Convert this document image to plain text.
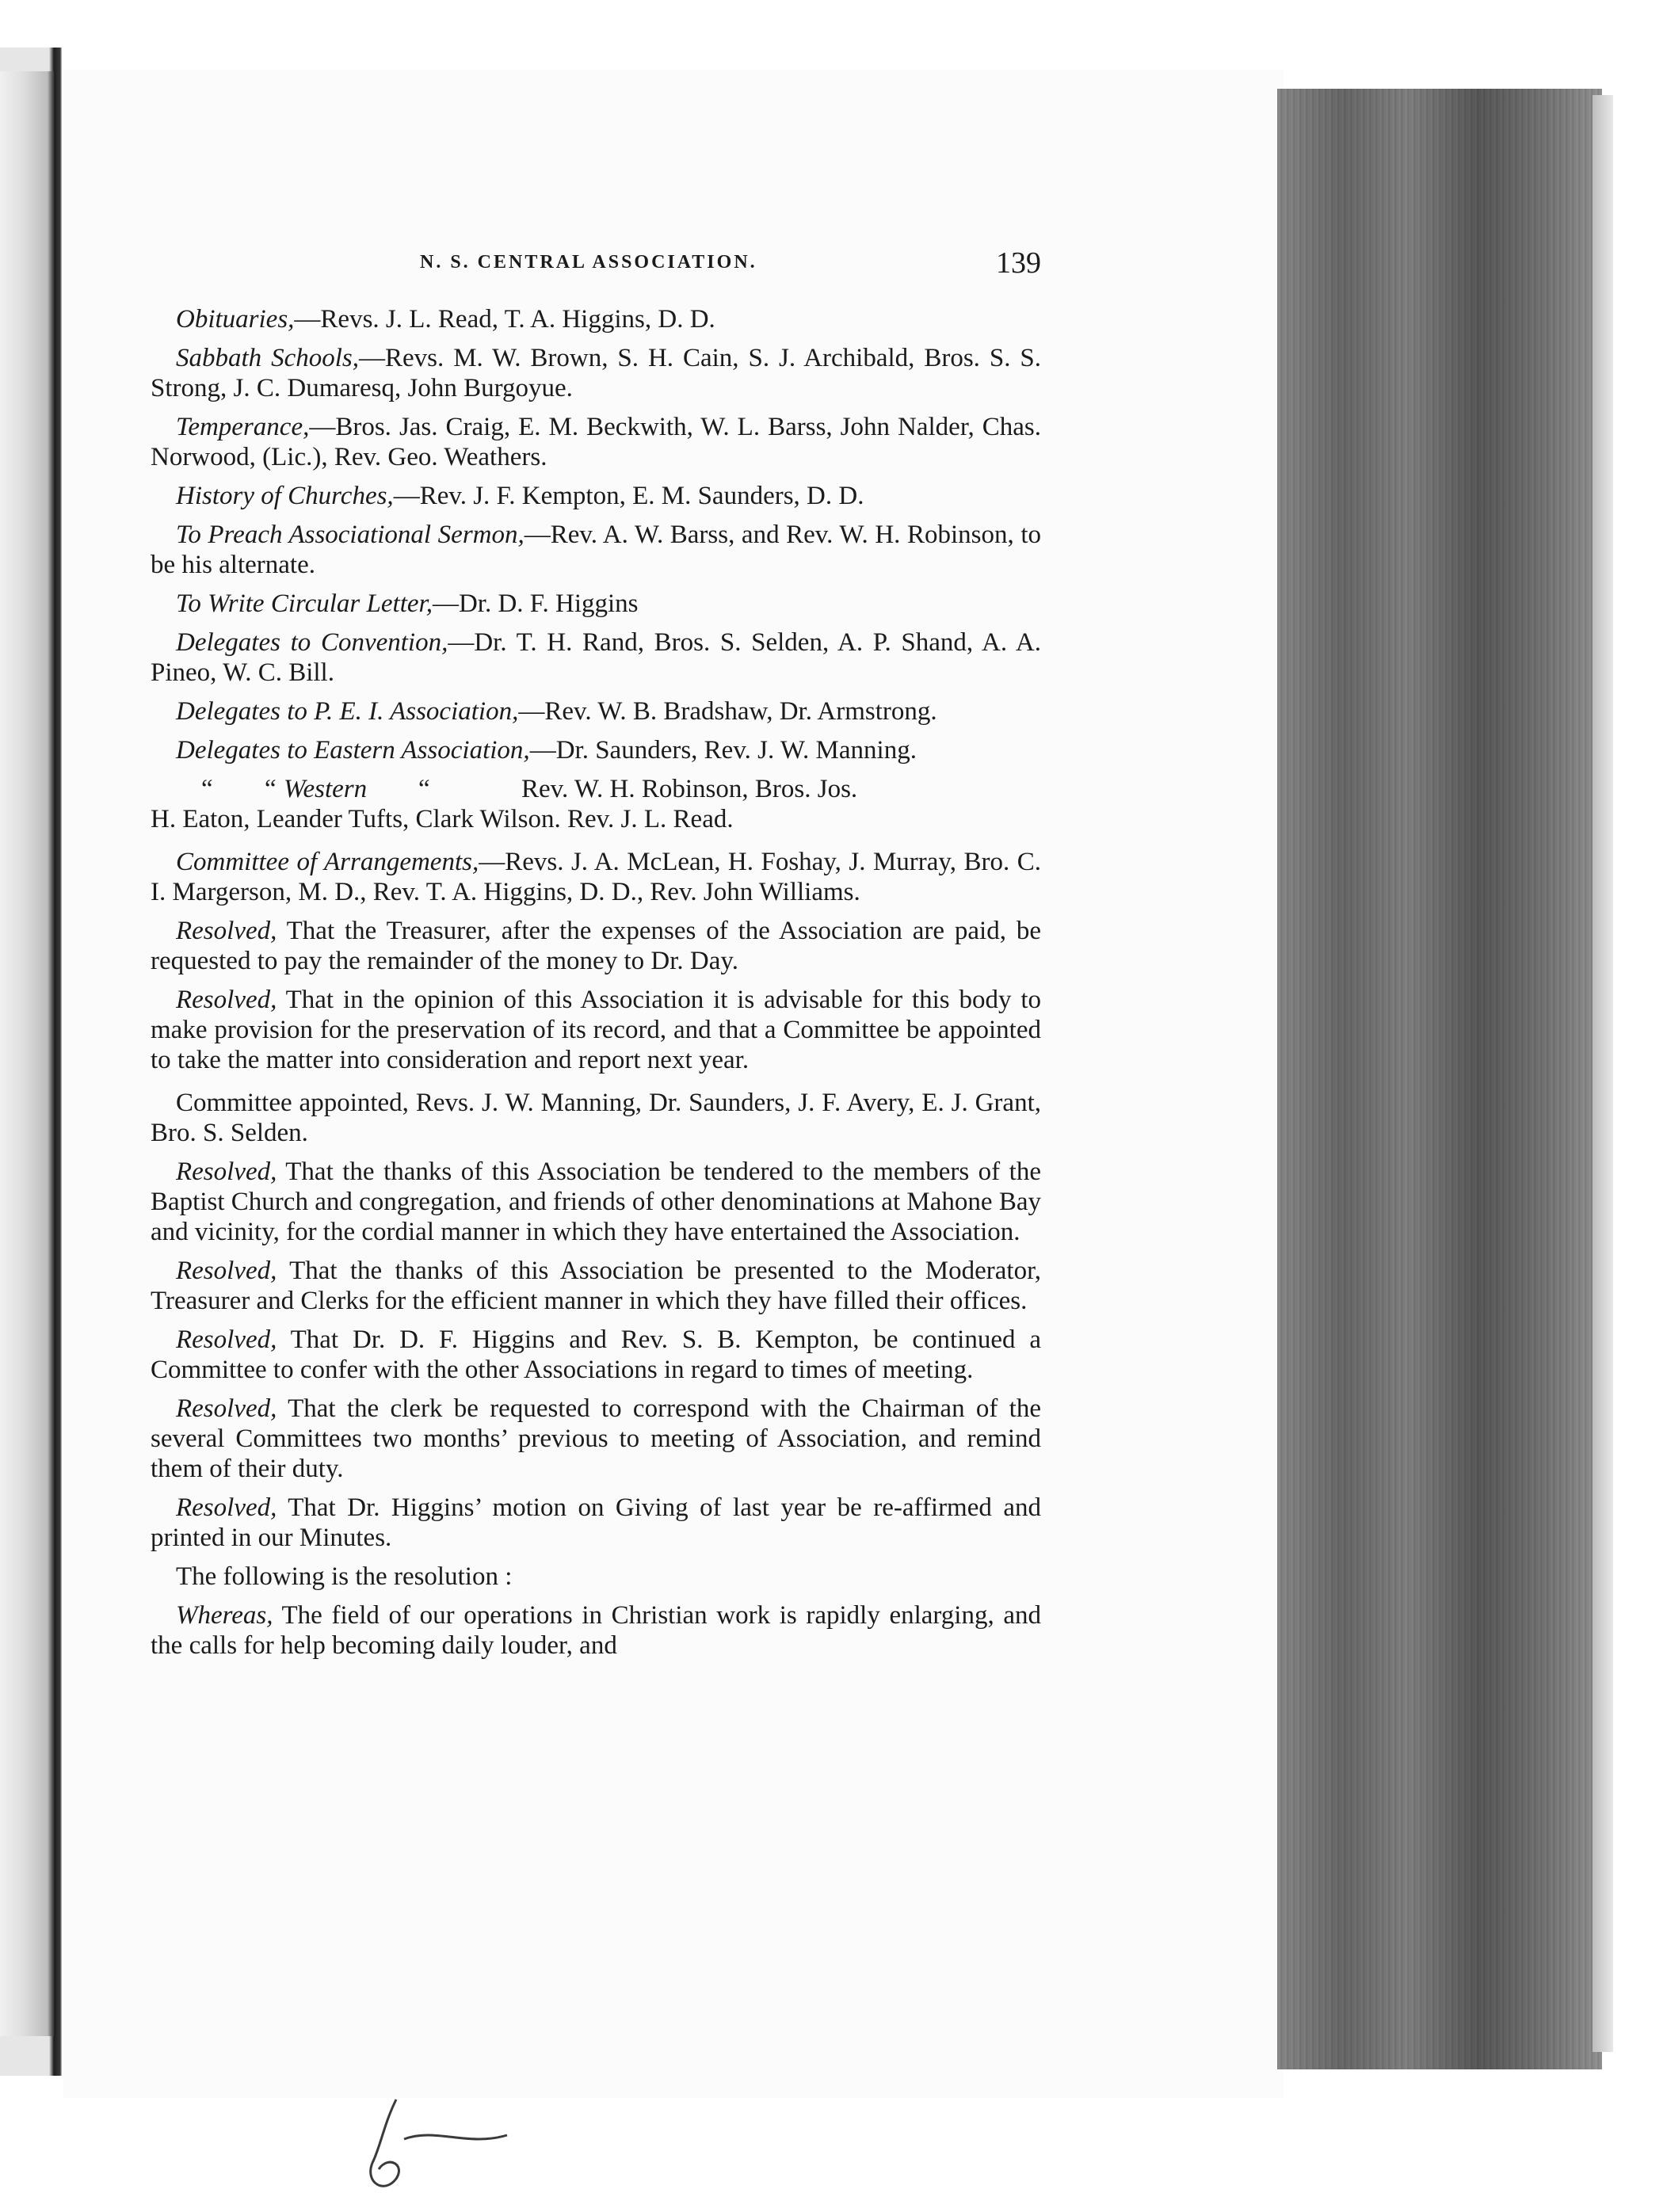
N. S. CENTRAL ASSOCIATION.	139

Obituaries,—Revs. J. L. Read, T. A. Higgins, D. D.

Sabbath Schools,—Revs. M. W. Brown, S. H. Cain, S. J. Archibald, Bros. S. S. Strong, J. C. Dumaresq, John Burgoyue.

Temperance,—Bros. Jas. Craig, E. M. Beckwith, W. L. Barss, John Nalder, Chas. Norwood, (Lic.), Rev. Geo. Weathers.

History of Churches,—Rev. J. F. Kempton, E. M. Saunders, D. D.

To Preach Associational Sermon,—Rev. A. W. Barss, and Rev. W. H. Robinson, to be his alternate.

To Write Circular Letter,—Dr. D. F. Higgins

Delegates to Convention,—Dr. T. H. Rand, Bros. S. Selden, A. P. Shand, A. A. Pineo, W. C. Bill.

Delegates to P. E. I. Association,—Rev. W. B. Bradshaw, Dr. Armstrong.

Delegates to Eastern Association,—Dr. Saunders, Rev. J. W. Manning.

“ “ Western “	Rev. W. H. Robinson, Bros. Jos.

H. Eaton, Leander Tufts, Clark Wilson. Rev. J. L. Read.

Committee of Arrangements,—Revs. J. A. McLean, H. Foshay, J. Murray, Bro. C. I. Margerson, M. D., Rev. T. A. Higgins, D. D., Rev. John Williams.

Resolved, That the Treasurer, after the expenses of the Association are paid, be requested to pay the remainder of the money to Dr. Day.

Resolved, That in the opinion of this Association it is advisable for this body to make provision for the preservation of its record, and that a Committee be appointed to take the matter into consideration and report next year.

Committee appointed, Revs. J. W. Manning, Dr. Saunders, J. F. Avery, E. J. Grant, Bro. S. Selden.

Resolved, That the thanks of this Association be tendered to the members of the Baptist Church and congregation, and friends of other denominations at Mahone Bay and vicinity, for the cordial manner in which they have entertained the Association.

Resolved, That the thanks of this Association be presented to the Moderator, Treasurer and Clerks for the efficient manner in which they have filled their offices.

Resolved, That Dr. D. F. Higgins and Rev. S. B. Kempton, be continued a Committee to confer with the other Associations in regard to times of meeting.

Resolved, That the clerk be requested to correspond with the Chairman of the several Committees two months’ previous to meeting of Association, and remind them of their duty.

Resolved, That Dr. Higgins’ motion on Giving of last year be re-affirmed and printed in our Minutes.

The following is the resolution :

Whereas, The field of our operations in Christian work is rapidly enlarging, and the calls for help becoming daily louder, and
